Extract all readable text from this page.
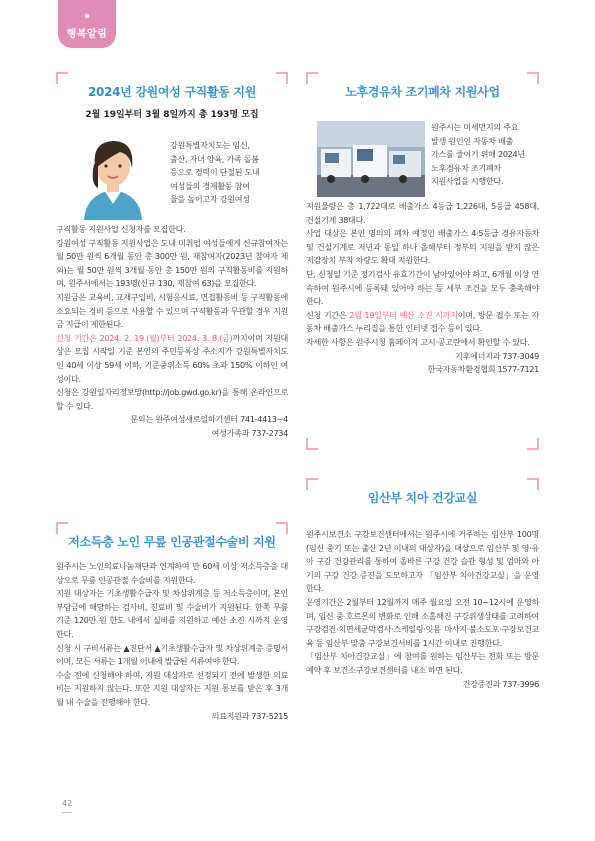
행복알림
2024년 강원여성 구직활동 지원
2월 19일부터 3월 8일까지 총 193명 모집

강원특별자치도는 임신,

출산, 자녀 양육, 가족 돌봄

등으로 경력이 단절된 도내

여성들의 경제활동 참여

율을 높이고자 강원여성

구직활동 지원사업 신청자를 모집한다.

강원여성 구직활동 지원사업은 도내 미취업 여성들에게 신규참여자는 월 50만 원씩 6개월 동안 총 300만 원, 재참여자(2023년 참여자 제외)는 월 50만 원씩 3개월 동안 총 150만 원의 구직활동비를 지원하며, 원주시에서는 193명(신규 130, 재참여 63)을 모집한다.

지원금은 교육비, 교재구입비, 시험응시료, 면접활동비 등 구직활동에 소요되는 경비 등으로 사용할 수 있으며 구직활동과 무관할 경우 지원금 지급이 제한된다.

신청 기간은 2024. 2. 19.(월)부터 2024. 3. 8.(금)까지이며 지원대상은 모집 시작일 기준 본인의 주민등록상 주소지가 강원특별자치도인 40세 이상 59세 이하, 기준중위소득 60% 초과 150% 이하인 여성이다.

신청은 강원일자리정보망(http://job.gwd.go.kr)을 통해 온라인으로 할 수 있다.

문의는 원주여성새로일하기센터 741-4413~4

여성가족과 737-2734

저소득층 노인 무릎 인공관절수술비 지원

원주시는 노인의료나눔재단과 연계하여 만 60세 이상 저소득층을 대상으로 무릎 인공관절 수술비를 지원한다.

지원 대상자는 기초생활수급자 및 차상위계층 등 저소득층이며, 본인부담금에 해당하는 검사비, 진료비 및 수술비가 지원된다. 한쪽 무릎 기준 120만 원 한도 내에서 실비를 지원하고 예산 소진 시까지 운영한다.

신청 시 구비서류는 ▲진단서 ▲기초생활수급자 및 차상위계층 증명서이며, 모든 서류는 1개월 이내에 발급된 서류여야 한다.

수술 전에 신청해야 하며, 지원 대상자로 선정되기 전에 발생한 의료비는 지원하지 않는다. 또한 지원 대상자는 지원 통보를 받은 후 3개월 내 수술을 진행해야 한다.

의료지원과 737-5215

노후경유차 조기폐차 지원사업

원주시는 미세먼지의 주요

발생 원인인 자동차 배출

가스를 줄이기 위해 2024년

노후경유차 조기폐차

지원사업을 시행한다.

지원물량은 총 1,722대로 배출가스 4등급 1,226대, 5등급 458대, 건설기계 38대다.

사업 대상은 본인 명의의 폐차 예정인 배출가스 4·5등급 경유자동차 및 건설기계로 저년과 동일 하나 올해부터 정부의 지원을 받지 않은 저감장치 부착 차량도 확대 지원한다.

단, 신청일 기준 정기검사 유효기간이 남아있어야 하고, 6개월 이상 연속하여 원주시에 등록돼 있어야 하는 등 세부 조건을 모두 충족해야 한다.

신청 기간은 2월 19일부터 예산 소진 시까지이며, 방문 접수 또는 자동차 배출가스 누리집을 통한 인터넷 접수 등이 있다.

자세한 사항은 원주시청 홈페이지 고시·공고란에서 확인할 수 있다.

기후에너지과 737-3049

한국자동차환경협회 1577-7121

임산부 치아 건강교실

원주시보건소 구강보건센터에서는 원주시에 거주하는 임산부 100명(임신 중기 또는 출산 2년 이내의 대상자)을 대상으로 임산부 및 영·유아 구강 건강관리를 통하여 올바른 구강 건강 습관 형성 및 엄마와 아기의 구강 건강 증진을 도모하고자 「임산부 치아건강교실」을 운영 한다.

운영기간은 2월부터 12월까지 매주 월요일 오전 10~12시에 운영하며, 임신 중 호르몬의 변화로 인해 소홀해진 구강위생상태를 고려하여 구강검진·치면세균막검사·스케일링·잇몸 마사지·불소도포·구강보건교육 등 임산부 맞춤 구강보건서비를 1시간 이내로 진행한다.

「임산부 치아건강교실」에 참여를 원하는 임산부는 전화 또는 방문 예약 후 보건소구강보건센터를 내소 하면 된다.

건강증진과 737-3996

42
